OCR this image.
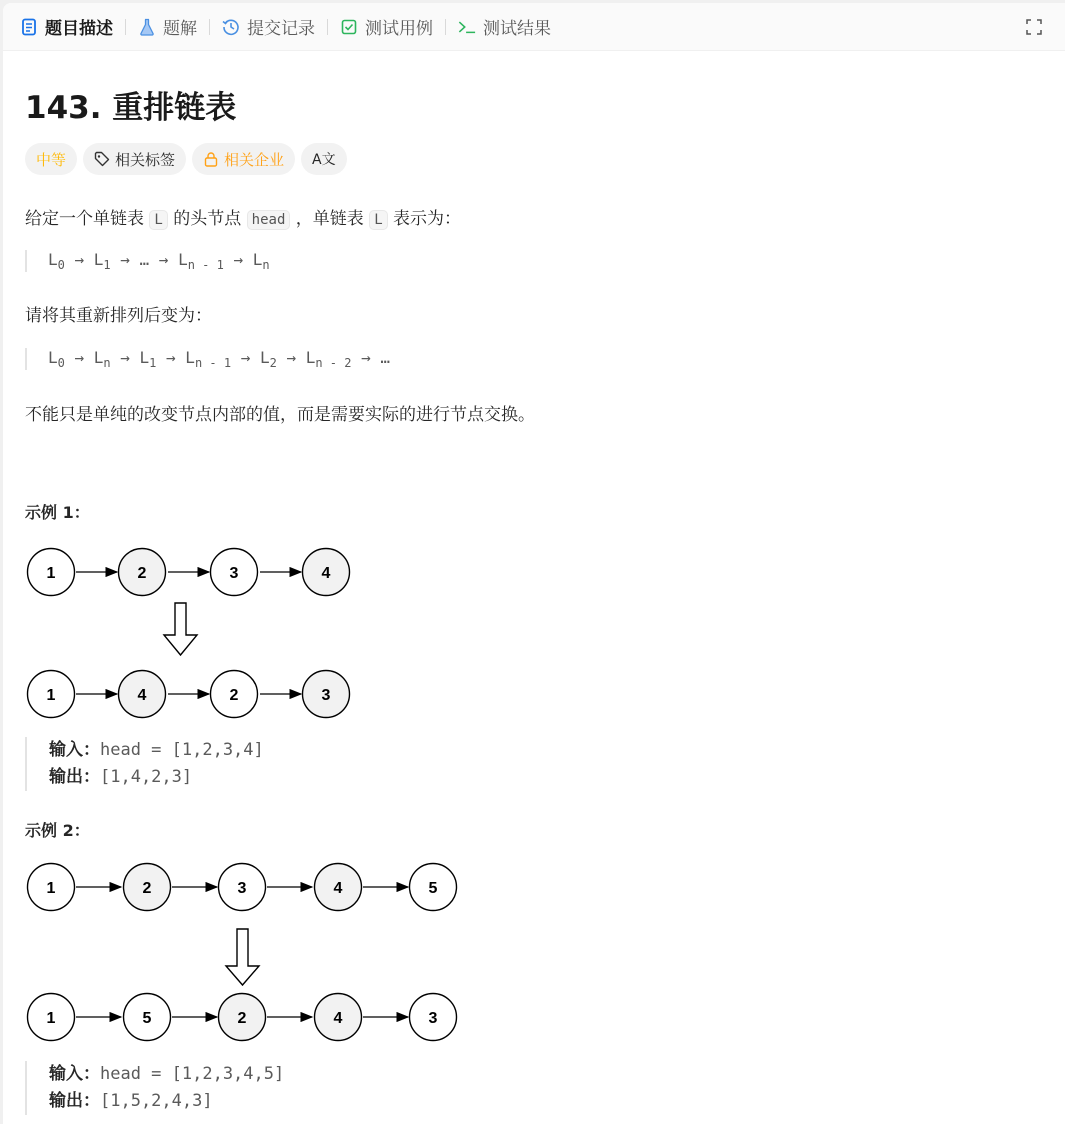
题目描述	题解	提交记录	测试用例	测试结果
143. 重排链表
中等	相关标签	相关企业 A文
给定一个单链表 L 的头节点 head ，单链表 L 表示为：
$L_0 \to L_1$ → … → $L_{n - 1} \to L_n$
请将其重新排列后变为：
$L_0 \to L_n \to L_1 \to L_{n - 1} \to L_2 \to L_{n - 2}$ → …
不能只是单纯的改变节点内部的值，而是需要实际的进行节点交换。
示例 1：
1	2	3	4
1	4	2	3
输入：head = [1,2,3,4]
输出：[1,4,2,3]
示例 2：
1	2	3	4	5
1	5	2	4	3
输入：head = [1,2,3,4,5]
输出：[1,5,2,4,3]
